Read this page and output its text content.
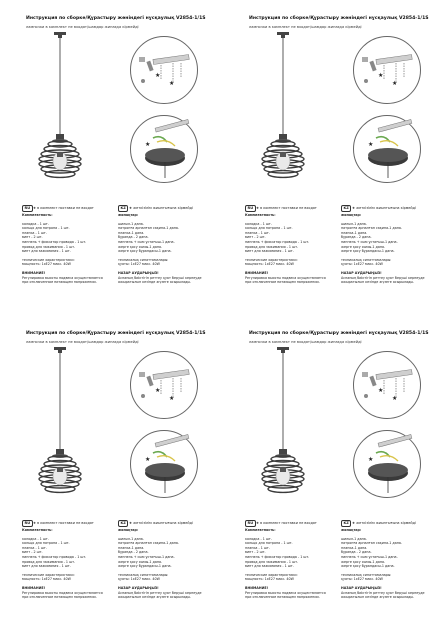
Инструкция по сборке/Құрастыру жөніндегі нұсқаулық V2854-1/1S
лампочки в комплект не входят/шамдар жинаққа кірмейді
★
★
★
RU ★ в комплект поставки не входят	KZ ★ жеткізілім жиынтығына кірмейді
Комплектность:
колодка - 1 шт.
кольцо для патрона - 1 шт.
планка - 1 шт.
винт - 2 шт.
ниппель + фиксатор провода - 1 шт.
провод для зажимания - 1 шт.
винт для зажимания - 1 шт.
технические характеристики:
мощность: 1xE27 макс. 40W
ВНИМАНИЕ!
Регулировка высоты подвеса осуществляется
при отключенном питающем напряжении.
жинақтар:
шилыл-1 дана.
патронға арналған сақина-1 дана.
планка-1 дана.
бұрандa - 2 дана.
ниппель + сым ұстағыш-1 дана.
жерге қосу сымы-1 дана.
жерге қосу бұрандасы-1 дана.
техникалық сипаттамалары:
қуаты: 1xE27 макс. 40W
НАЗАР АУДАРЫҢЫЗ!
Аспаның биіктігін реттеу қуат берушi кернеуде
ажыратылып кезінде жүзеге асырылады.
Инструкция по сборке/Құрастыру жөніндегі нұсқаулық V2854-1/1S
лампочки в комплект не входят/шамдар жинаққа кірмейді
★
★
★
RU ★ в комплект поставки не входят	KZ ★ жеткізілім жиынтығына кірмейді
Комплектность:
колодка - 1 шт.
кольцо для патрона - 1 шт.
планка - 1 шт.
винт - 2 шт.
ниппель + фиксатор провода - 1 шт.
провод для зажимания - 1 шт.
винт для зажимания - 1 шт.
технические характеристики:
мощность: 1xE27 макс. 40W
ВНИМАНИЕ!
Регулировка высоты подвеса осуществляется
при отключенном питающем напряжении.
жинақтар:
шилыл-1 дана.
патронға арналған сақина-1 дана.
планка-1 дана.
бұрандa - 2 дана.
ниппель + сым ұстағыш-1 дана.
жерге қосу сымы-1 дана.
жерге қосу бұрандасы-1 дана.
техникалық сипаттамалары:
қуаты: 1xE27 макс. 40W
НАЗАР АУДАРЫҢЫЗ!
Аспаның биіктігін реттеу қуат берушi кернеуде
ажыратылып кезінде жүзеге асырылады.
Инструкция по сборке/Құрастыру жөніндегі нұсқаулық V2854-1/1S
лампочки в комплект не входят/шамдар жинаққа кірмейді
★
★
★
RU ★ в комплект поставки не входят	KZ ★ жеткізілім жиынтығына кірмейді
Комплектность:
колодка - 1 шт.
кольцо для патрона - 1 шт.
планка - 1 шт.
винт - 2 шт.
ниппель + фиксатор провода - 1 шт.
провод для зажимания - 1 шт.
винт для зажимания - 1 шт.
технические характеристики:
мощность: 1xE27 макс. 40W
ВНИМАНИЕ!
Регулировка высоты подвеса осуществляется
при отключенном питающем напряжении.
жинақтар:
шилыл-1 дана.
патронға арналған сақина-1 дана.
планка-1 дана.
бұрандa - 2 дана.
ниппель + сым ұстағыш-1 дана.
жерге қосу сымы-1 дана.
жерге қосу бұрандасы-1 дана.
техникалық сипаттамалары:
қуаты: 1xE27 макс. 40W
НАЗАР АУДАРЫҢЫЗ!
Аспаның биіктігін реттеу қуат берушi кернеуде
ажыратылып кезінде жүзеге асырылады.
Инструкция по сборке/Құрастыру жөніндегі нұсқаулық V2854-1/1S
лампочки в комплект не входят/шамдар жинаққа кірмейді
★
★
★
RU ★ в комплект поставки не входят	KZ ★ жеткізілім жиынтығына кірмейді
Комплектность:
колодка - 1 шт.
кольцо для патрона - 1 шт.
планка - 1 шт.
винт - 2 шт.
ниппель + фиксатор провода - 1 шт.
провод для зажимания - 1 шт.
винт для зажимания - 1 шт.
технические характеристики:
мощность: 1xE27 макс. 40W
ВНИМАНИЕ!
Регулировка высоты подвеса осуществляется
при отключенном питающем напряжении.
жинақтар:
шилыл-1 дана.
патронға арналған сақина-1 дана.
планка-1 дана.
бұрандa - 2 дана.
ниппель + сым ұстағыш-1 дана.
жерге қосу сымы-1 дана.
жерге қосу бұрандасы-1 дана.
техникалық сипаттамалары:
қуаты: 1xE27 макс. 40W
НАЗАР АУДАРЫҢЫЗ!
Аспаның биіктігін реттеу қуат берушi кернеуде
ажыратылып кезінде жүзеге асырылады.
